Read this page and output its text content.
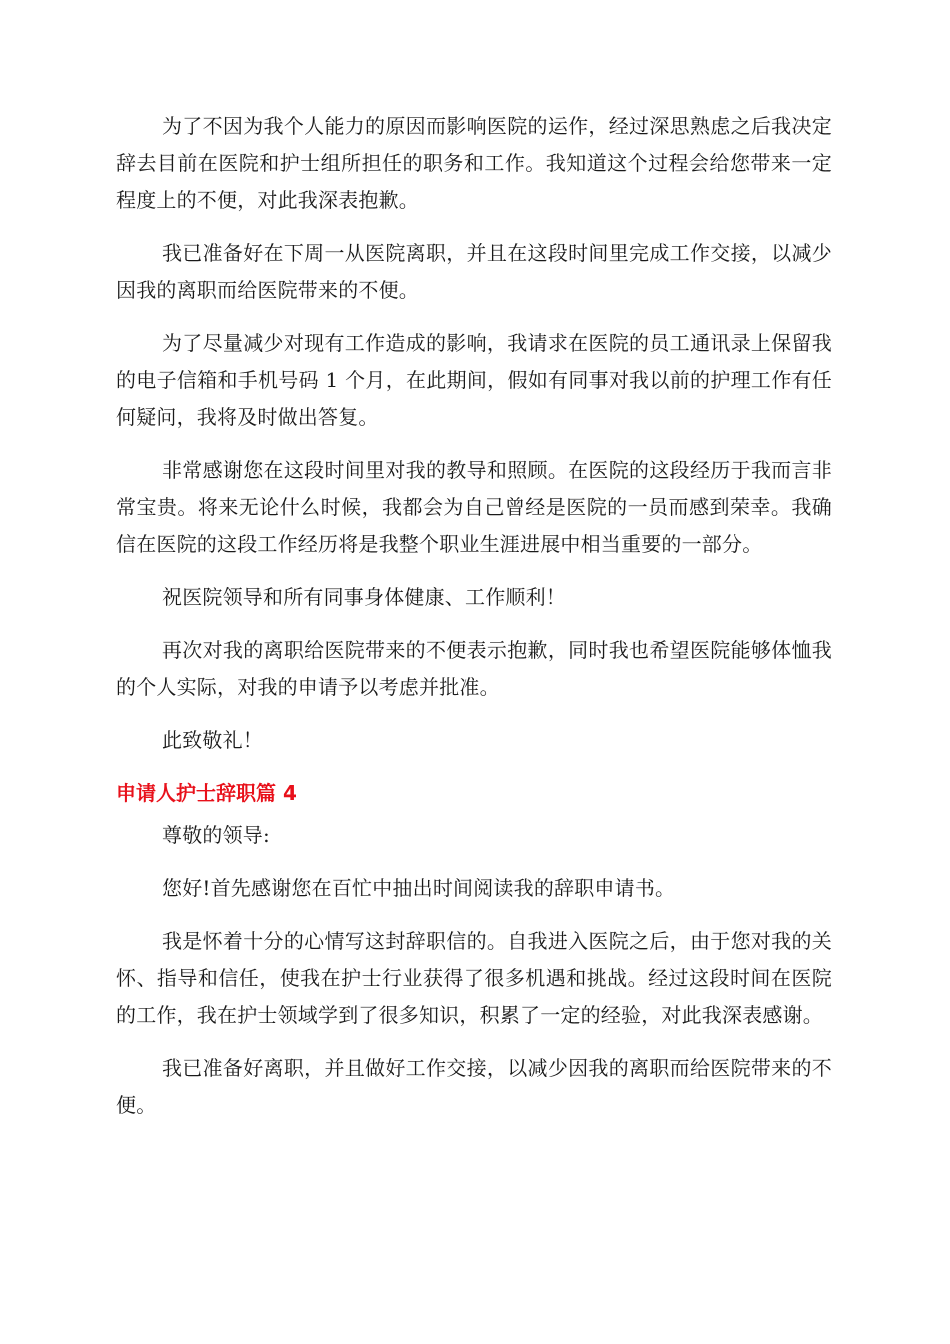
为了不因为我个人能力的原因而影响医院的运作，经过深思熟虑之后我决定辞去目前在医院和护士组所担任的职务和工作。我知道这个过程会给您带来一定程度上的不便，对此我深表抱歉。

我已准备好在下周一从医院离职，并且在这段时间里完成工作交接，以减少因我的离职而给医院带来的不便。

为了尽量减少对现有工作造成的影响，我请求在医院的员工通讯录上保留我的电子信箱和手机号码 1 个月，在此期间，假如有同事对我以前的护理工作有任何疑问，我将及时做出答复。

非常感谢您在这段时间里对我的教导和照顾。在医院的这段经历于我而言非常宝贵。将来无论什么时候，我都会为自己曾经是医院的一员而感到荣幸。我确信在医院的这段工作经历将是我整个职业生涯进展中相当重要的一部分。

祝医院领导和所有同事身体健康、工作顺利！

再次对我的离职给医院带来的不便表示抱歉，同时我也希望医院能够体恤我的个人实际，对我的申请予以考虑并批准。

此致敬礼！

申请人护士辞职篇 4

尊敬的领导:

您好!首先感谢您在百忙中抽出时间阅读我的辞职申请书。

我是怀着十分的心情写这封辞职信的。自我进入医院之后，由于您对我的关怀、指导和信任，使我在护士行业获得了很多机遇和挑战。经过这段时间在医院的工作，我在护士领域学到了很多知识，积累了一定的经验，对此我深表感谢。

我已准备好离职，并且做好工作交接，以减少因我的离职而给医院带来的不便。
